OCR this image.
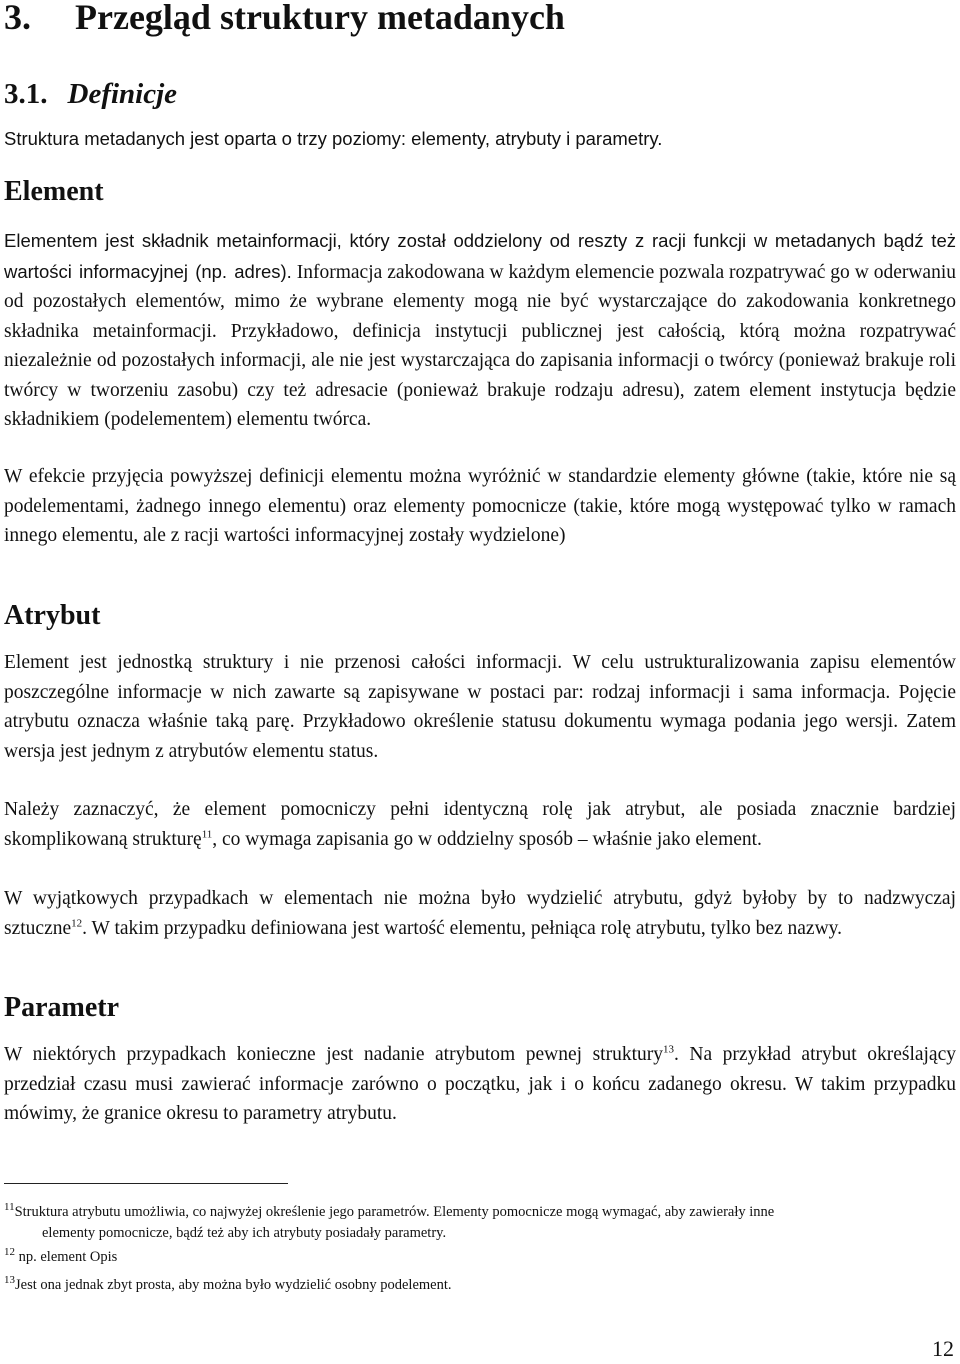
3. Przegląd struktury metadanych
3.1. Definicje

Struktura metadanych jest oparta o trzy poziomy: elementy, atrybuty i parametry.

Element

Elementem jest składnik metainformacji, który został oddzielony od reszty z racji funkcji w metadanych bądź też wartości informacyjnej (np. adres). Informacja zakodowana w każdym elemencie pozwala rozpatrywać go w oderwaniu od pozostałych elementów, mimo że wybrane elementy mogą nie być wystarczające do zakodowania konkretnego składnika metainformacji. Przykładowo, definicja instytucji publicznej jest całością, którą można rozpatrywać niezależnie od pozostałych informacji, ale nie jest wystarczająca do zapisania informacji o twórcy (ponieważ brakuje roli twórcy w tworzeniu zasobu) czy też adresacie (ponieważ brakuje rodzaju adresu), zatem element instytucja będzie składnikiem (podelementem) elementu twórca.

W efekcie przyjęcia powyższej definicji elementu można wyróżnić w standardzie elementy główne (takie, które nie są podelementami, żadnego innego elementu) oraz elementy pomocnicze (takie, które mogą występować tylko w ramach innego elementu, ale z racji wartości informacyjnej zostały wydzielone)

Atrybut

Element jest jednostką struktury i nie przenosi całości informacji. W celu ustrukturalizowania zapisu elementów poszczególne informacje w nich zawarte są zapisywane w postaci par: rodzaj informacji i sama informacja. Pojęcie atrybutu oznacza właśnie taką parę. Przykładowo określenie statusu dokumentu wymaga podania jego wersji. Zatem wersja jest jednym z atrybutów elementu status.

Należy zaznaczyć, że element pomocniczy pełni identyczną rolę jak atrybut, ale posiada znacznie bardziej skomplikowaną strukturę$^{11}$, co wymaga zapisania go w oddzielny sposób – właśnie jako element.

W wyjątkowych przypadkach w elementach nie można było wydzielić atrybutu, gdyż byłoby by to nadzwyczaj sztuczne$^{12}$. W takim przypadku definiowana jest wartość elementu, pełniąca rolę atrybutu, tylko bez nazwy.

Parametr

W niektórych przypadkach konieczne jest nadanie atrybutom pewnej struktury$^{13}$. Na przykład atrybut określający przedział czasu musi zawierać informacje zarówno o początku, jak i o końcu zadanego okresu. W takim przypadku mówimy, że granice okresu to parametry atrybutu.

$^{11}$Struktura atrybutu umożliwia, co najwyżej określenie jego parametrów. Elementy pomocnicze mogą wymagać, aby zawierały inne
elementy pomocnicze, bądź też aby ich atrybuty posiadały parametry.

$^{12}$ np. element Opis

$^{13}$Jest ona jednak zbyt prosta, aby można było wydzielić osobny podelement.

12
